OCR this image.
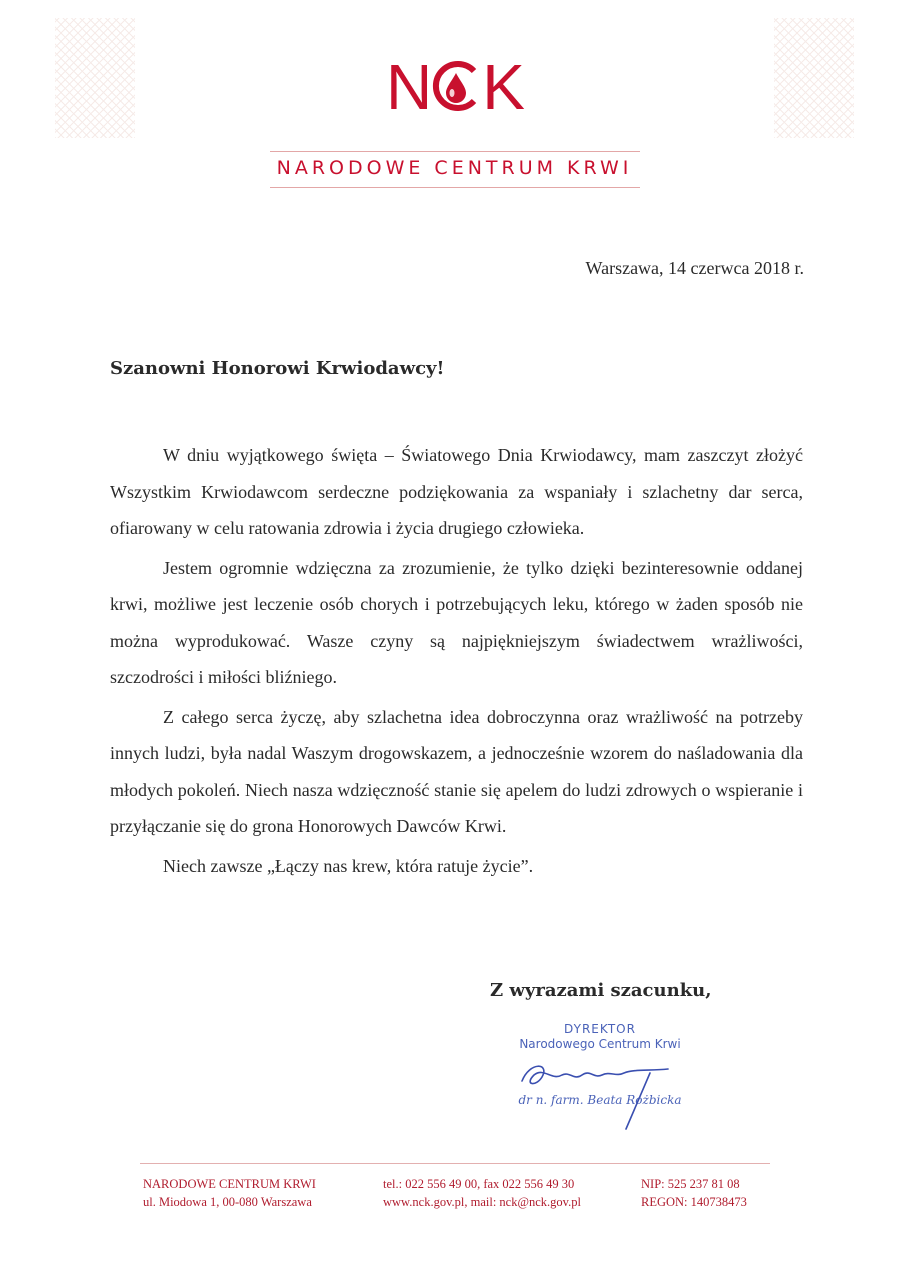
N K
NARODOWE CENTRUM KRWI
Warszawa, 14 czerwca 2018 r.
Szanowni Honorowi Krwiodawcy!

W dniu wyjątkowego święta – Światowego Dnia Krwiodawcy, mam zaszczyt złożyć Wszystkim Krwiodawcom serdeczne podziękowania za wspaniały i szlachetny dar serca, ofiarowany w celu ratowania zdrowia i życia drugiego człowieka.

Jestem ogromnie wdzięczna za zrozumienie, że tylko dzięki bezinteresownie oddanej krwi, możliwe jest leczenie osób chorych i potrzebujących leku, którego w żaden sposób nie można wyprodukować. Wasze czyny są najpiękniejszym świadectwem wrażliwości, szczodrości i miłości bliźniego.

Z całego serca życzę, aby szlachetna idea dobroczynna oraz wrażliwość na potrzeby innych ludzi, była nadal Waszym drogowskazem, a jednocześnie wzorem do naśladowania dla młodych pokoleń. Niech nasza wdzięczność stanie się apelem do ludzi zdrowych o wspieranie i przyłączanie się do grona Honorowych Dawców Krwi.

Niech zawsze „Łączy nas krew, która ratuje życie”.

Z wyrazami szacunku,
DYREKTOR
Narodowego Centrum Krwi
dr n. farm. Beata Rożbicka
NARODOWE CENTRUM KRWI
ul. Miodowa 1, 00-080 Warszawa
tel.: 022 556 49 00, fax 022 556 49 30
www.nck.gov.pl, mail: nck@nck.gov.pl
NIP: 525 237 81 08
REGON: 140738473
